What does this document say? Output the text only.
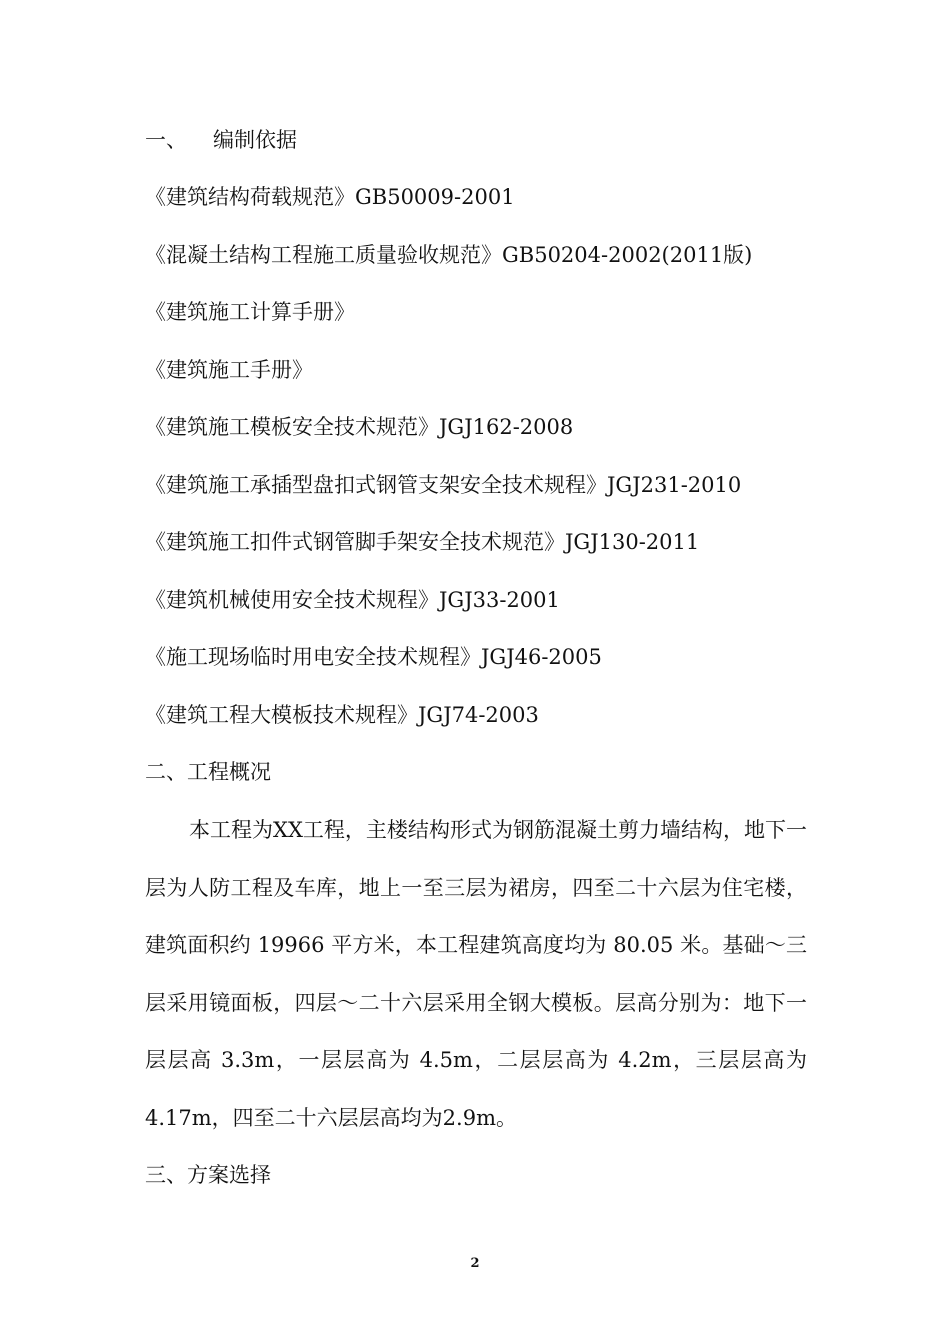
一、 编制依据
《建筑结构荷载规范》GB50009-2001
《混凝土结构工程施工质量验收规范》GB50204-2002(2011版)
《建筑施工计算手册》
《建筑施工手册》
《建筑施工模板安全技术规范》JGJ162-2008
《建筑施工承插型盘扣式钢管支架安全技术规程》JGJ231-2010
《建筑施工扣件式钢管脚手架安全技术规范》JGJ130-2011
《建筑机械使用安全技术规程》JGJ33-2001
《施工现场临时用电安全技术规程》JGJ46-2005
《建筑工程大模板技术规程》JGJ74-2003
二、工程概况
本工程为XX工程，主楼结构形式为钢筋混凝土剪力墙结构，地下一层为人防工程及车库，地上一至三层为裙房，四至二十六层为住宅楼，建筑面积约 19966 平方米，本工程建筑高度均为 80.05 米。基础～三层采用镜面板，四层～二十六层采用全钢大模板。层高分别为：地下一层层高 3.3m，一层层高为 4.5m，二层层高为 4.2m，三层层高为4.17m，四至二十六层层高均为2.9m。
三、方案选择
2
